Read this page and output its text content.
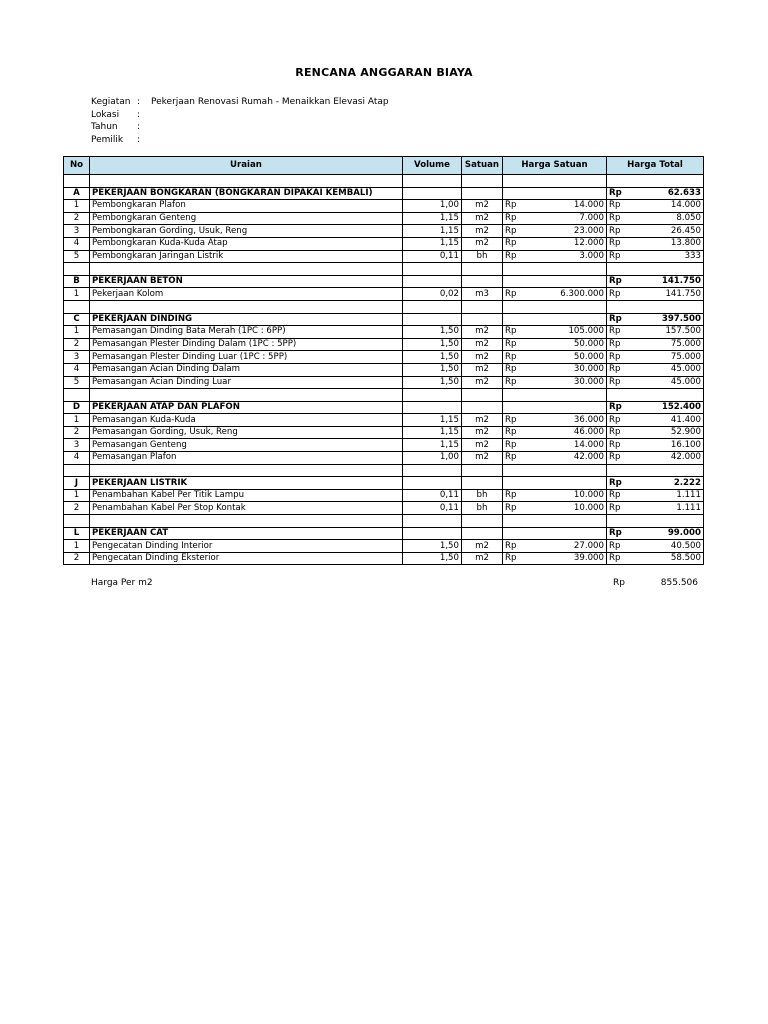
RENCANA ANGGARAN BIAYA
Kegiatan : Pekerjaan Renovasi Rumah - Menaikkan Elevasi Atap
Lokasi :
Tahun :
Pemilik :
No	Uraian	Volume	Satuan	Harga Satuan		Harga Total	

A	PEKERJAAN BONGKARAN (BONGKARAN DIPAKAI KEMBALI)					Rp	62.633
1	Pembongkaran Plafon	1,00	m2	Rp	14.000	Rp	14.000
2	Pembongkaran Genteng	1,15	m2	Rp	7.000	Rp	8.050
3	Pembongkaran Gording, Usuk, Reng	1,15	m2	Rp	23.000	Rp	26.450
4	Pembongkaran Kuda-Kuda Atap	1,15	m2	Rp	12.000	Rp	13.800
5	Pembongkaran Jaringan Listrik	0,11	bh	Rp	3.000	Rp	333

B	PEKERJAAN BETON					Rp	141.750
1	Pekerjaan Kolom	0,02	m3	Rp	6.300.000	Rp	141.750

C	PEKERJAAN DINDING					Rp	397.500
1	Pemasangan Dinding Bata Merah (1PC : 6PP)	1,50	m2	Rp	105.000	Rp	157.500
2	Pemasangan Plester Dinding Dalam (1PC : 5PP)	1,50	m2	Rp	50.000	Rp	75.000
3	Pemasangan Plester Dinding Luar (1PC : 5PP)	1,50	m2	Rp	50.000	Rp	75.000
4	Pemasangan Acian Dinding Dalam	1,50	m2	Rp	30.000	Rp	45.000
5	Pemasangan Acian Dinding Luar	1,50	m2	Rp	30.000	Rp	45.000

D	PEKERJAAN ATAP DAN PLAFON					Rp	152.400
1	Pemasangan Kuda-Kuda	1,15	m2	Rp	36.000	Rp	41.400
2	Pemasangan Gording, Usuk, Reng	1,15	m2	Rp	46.000	Rp	52.900
3	Pemasangan Genteng	1,15	m2	Rp	14.000	Rp	16.100
4	Pemasangan Plafon	1,00	m2	Rp	42.000	Rp	42.000

J	PEKERJAAN LISTRIK					Rp	2.222
1	Penambahan Kabel Per Titik Lampu	0,11	bh	Rp	10.000	Rp	1.111
2	Penambahan Kabel Per Stop Kontak	0,11	bh	Rp	10.000	Rp	1.111

L	PEKERJAAN CAT					Rp	99.000
1	Pengecatan Dinding Interior	1,50	m2	Rp	27.000	Rp	40.500
2	Pengecatan Dinding Eksterior	1,50	m2	Rp	39.000	Rp	58.500
Harga Per m2	Rp	855.506
